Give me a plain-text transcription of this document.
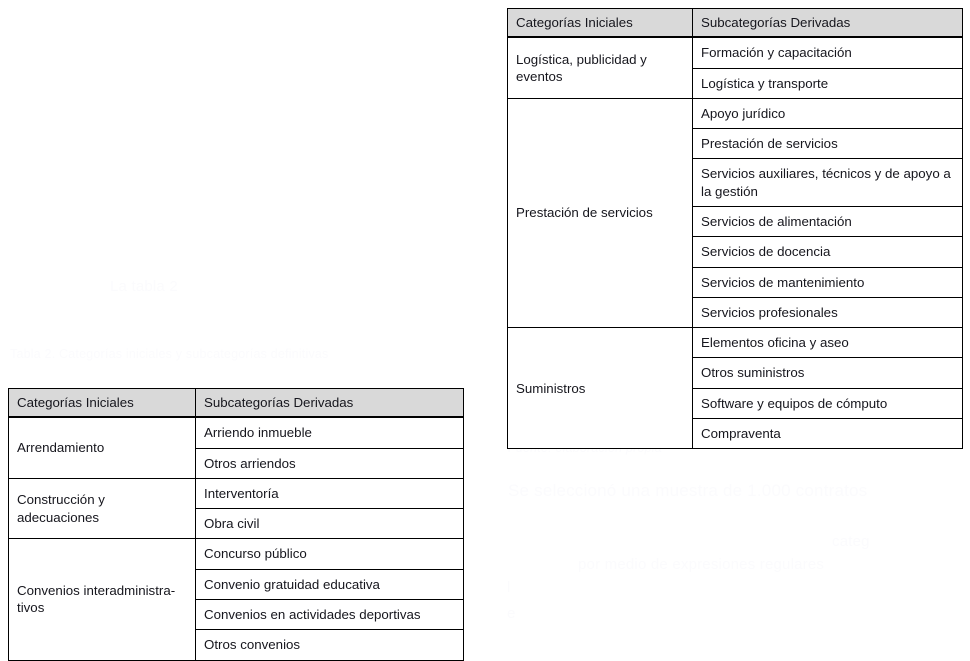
La tabla 2
Tabla 2. Categorías iniciales y subcategorías definitivas
Se seleccionó una muestra de 1.000 contratos
categ
por medio de expresiones regulares
l
e
Categorías Iniciales	Subcategorías Derivadas
Logística, publicidad y eventos	Formación y capacitación
	Logística y transporte
Prestación de servicios	Apoyo jurídico
	Prestación de servicios
	Servicios auxiliares, técnicos y de apoyo a la gestión
	Servicios de alimentación
	Servicios de docencia
	Servicios de mantenimiento
	Servicios profesionales
Suministros	Elementos oficina y aseo
	Otros suministros
	Software y equipos de cómputo
	Compraventa
Categorías Iniciales	Subcategorías Derivadas
Arrendamiento	Arriendo inmueble
	Otros arriendos
Construcción y adecuaciones	Interventoría
	Obra civil
Convenios interadministra-tivos	Concurso público
	Convenio gratuidad educativa
	Convenios en actividades deportivas
	Otros convenios
